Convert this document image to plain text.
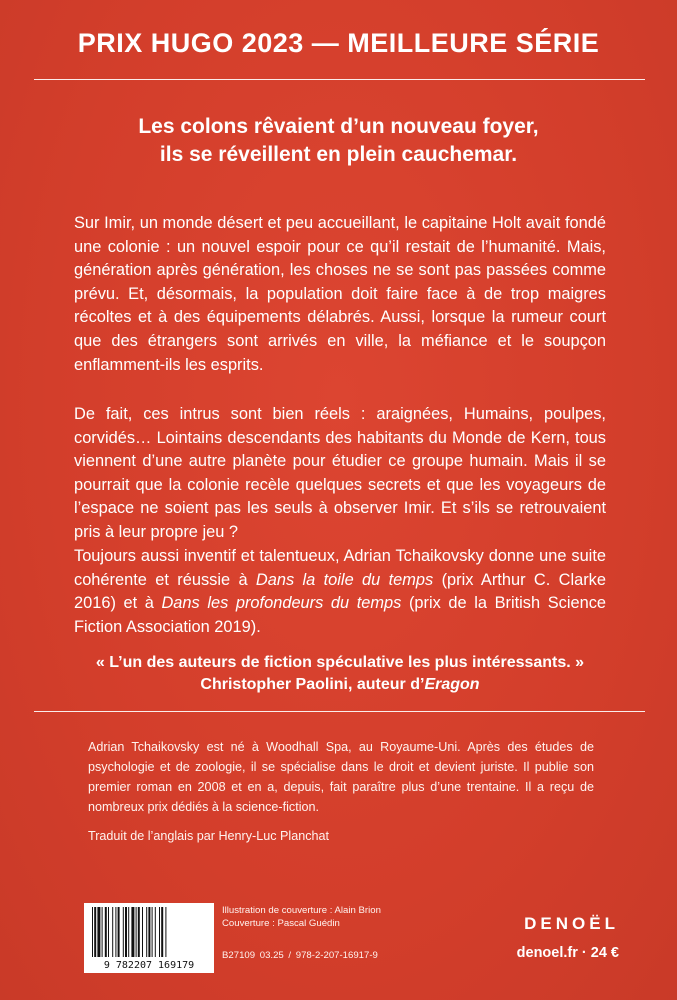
PRIX HUGO 2023 — MEILLEURE SÉRIE
Les colons rêvaient d’un nouveau foyer,
ils se réveillent en plein cauchemar.
Sur Imir, un monde désert et peu accueillant, le capitaine Holt avait fondé une colonie : un nouvel espoir pour ce qu’il restait de l’humanité. Mais, génération après génération, les choses ne se sont pas passées comme prévu. Et, désormais, la population doit faire face à de trop maigres récoltes et à des équipements délabrés. Aussi, lorsque la rumeur court que des étrangers sont arrivés en ville, la méfiance et le soupçon enflamment-ils les esprits.
De fait, ces intrus sont bien réels : araignées, Humains, poulpes, corvidés… Lointains descendants des habitants du Monde de Kern, tous viennent d’une autre planète pour étudier ce groupe humain. Mais il se pourrait que la colonie recèle quelques secrets et que les voyageurs de l’espace ne soient pas les seuls à observer Imir. Et s’ils se retrouvaient pris à leur propre jeu ?
Toujours aussi inventif et talentueux, Adrian Tchaikovsky donne une suite cohérente et réussie à Dans la toile du temps (prix Arthur C. Clarke 2016) et à Dans les profondeurs du temps (prix de la British Science Fiction Association 2019).
« L’un des auteurs de fiction spéculative les plus intéressants. »
Christopher Paolini, auteur d’Eragon
Adrian Tchaikovsky est né à Woodhall Spa, au Royaume-Uni. Après des études de psychologie et de zoologie, il se spécialise dans le droit et devient juriste. Il publie son premier roman en 2008 et en a, depuis, fait paraître plus d’une trentaine. Il a reçu de nombreux prix dédiés à la science-fiction.
Traduit de l’anglais par Henry-Luc Planchat
9 782207 169179
Illustration de couverture : Alain Brion
Couverture : Pascal Guédin
B27109 03.25 / 978-2-207-16917-9
DENOËL
denoel.fr · 24 €
